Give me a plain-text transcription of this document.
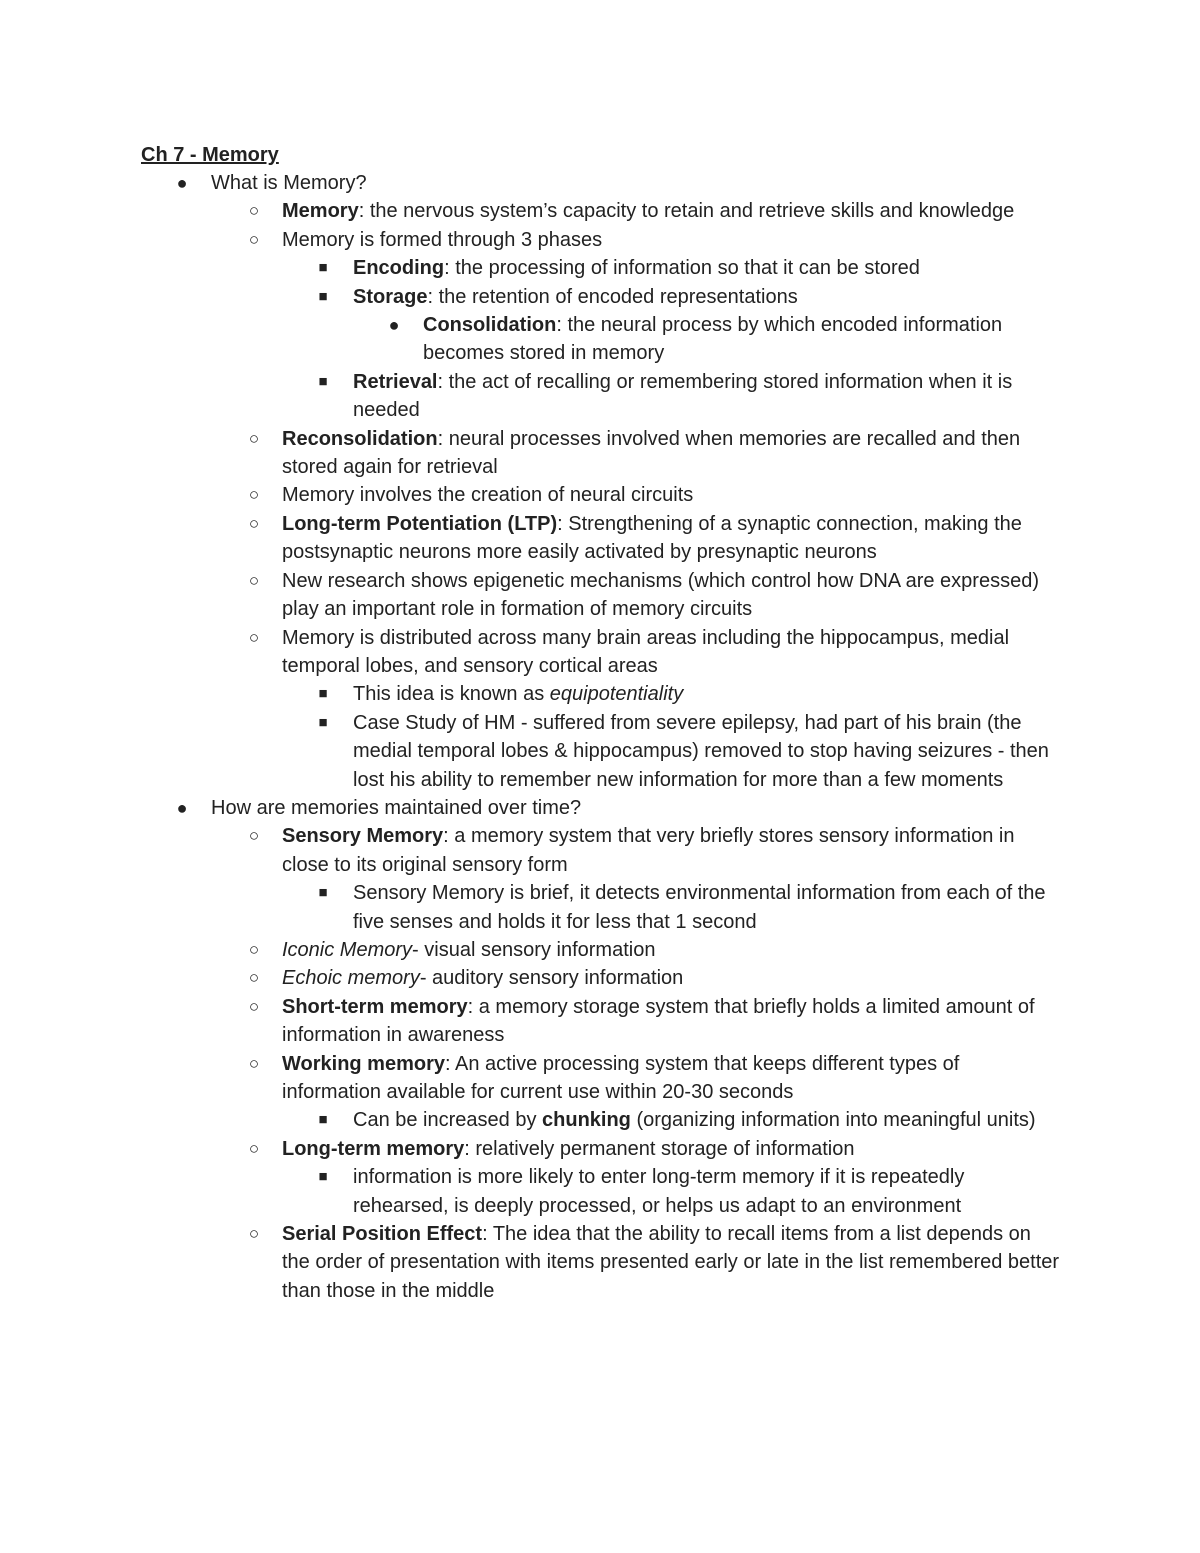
Ch 7 - Memory
● What is Memory?
○ Memory: the nervous system’s capacity to retain and retrieve skills and knowledge
○ Memory is formed through 3 phases
■ Encoding: the processing of information so that it can be stored
■ Storage: the retention of encoded representations
● Consolidation: the neural process by which encoded information becomes stored in memory
■ Retrieval: the act of recalling or remembering stored information when it is needed
○ Reconsolidation: neural processes involved when memories are recalled and then stored again for retrieval
○ Memory involves the creation of neural circuits
○ Long-term Potentiation (LTP): Strengthening of a synaptic connection, making the postsynaptic neurons more easily activated by presynaptic neurons
○ New research shows epigenetic mechanisms (which control how DNA are expressed) play an important role in formation of memory circuits
○ Memory is distributed across many brain areas including the hippocampus, medial temporal lobes, and sensory cortical areas
■ This idea is known as equipotentiality
■ Case Study of HM - suffered from severe epilepsy, had part of his brain (the medial temporal lobes & hippocampus) removed to stop having seizures - then lost his ability to remember new information for more than a few moments
● How are memories maintained over time?
○ Sensory Memory: a memory system that very briefly stores sensory information in close to its original sensory form
■ Sensory Memory is brief, it detects environmental information from each of the five senses and holds it for less that 1 second
○ Iconic Memory- visual sensory information
○ Echoic memory- auditory sensory information
○ Short-term memory: a memory storage system that briefly holds a limited amount of information in awareness
○ Working memory: An active processing system that keeps different types of information available for current use within 20-30 seconds
■ Can be increased by chunking (organizing information into meaningful units)
○ Long-term memory: relatively permanent storage of information
■ information is more likely to enter long-term memory if it is repeatedly rehearsed, is deeply processed, or helps us adapt to an environment
○ Serial Position Effect: The idea that the ability to recall items from a list depends on the order of presentation with items presented early or late in the list remembered better than those in the middle
